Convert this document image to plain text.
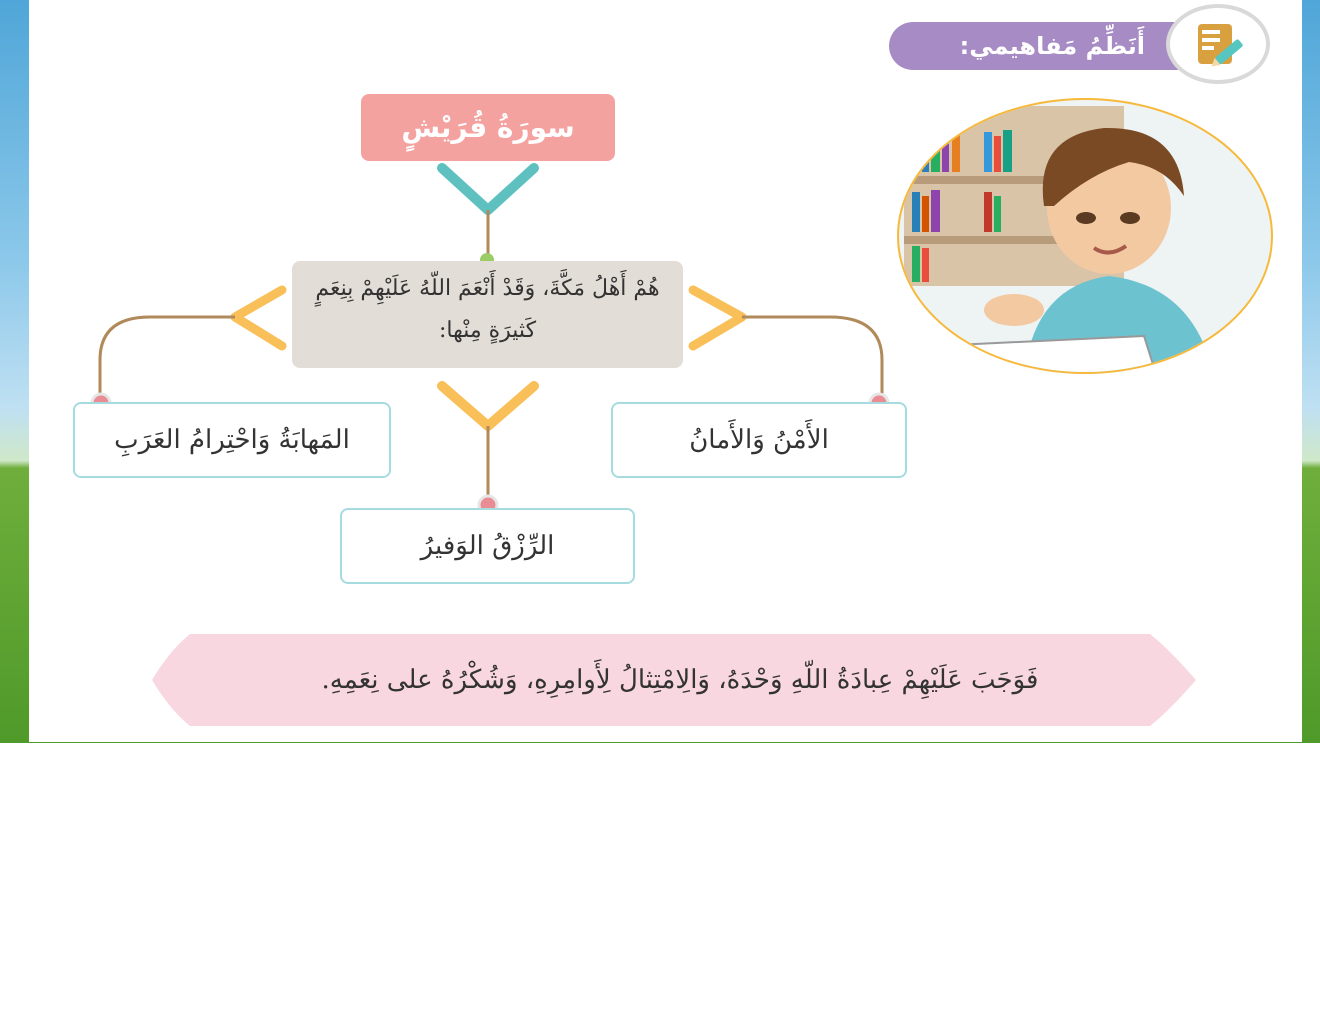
أَنَظِّمُ مَفاهيمي:
سورَةُ قُرَيْشٍ
هُمْ أَهْلُ مَكَّةَ، وَقَدْ أَنْعَمَ اللّهُ عَلَيْهِمْ بِنِعَمٍ كَثيرَةٍ مِنْها:
المَهابَةُ وَاحْتِرامُ العَرَبِ	الأَمْنُ وَالأَمانُ
الرِّزْقُ الوَفيرُ
فَوَجَبَ عَلَيْهِمْ عِبادَةُ اللّهِ وَحْدَهُ، وَالِامْتِثالُ لِأَوامِرِهِ، وَشُكْرُهُ على نِعَمِهِ.
